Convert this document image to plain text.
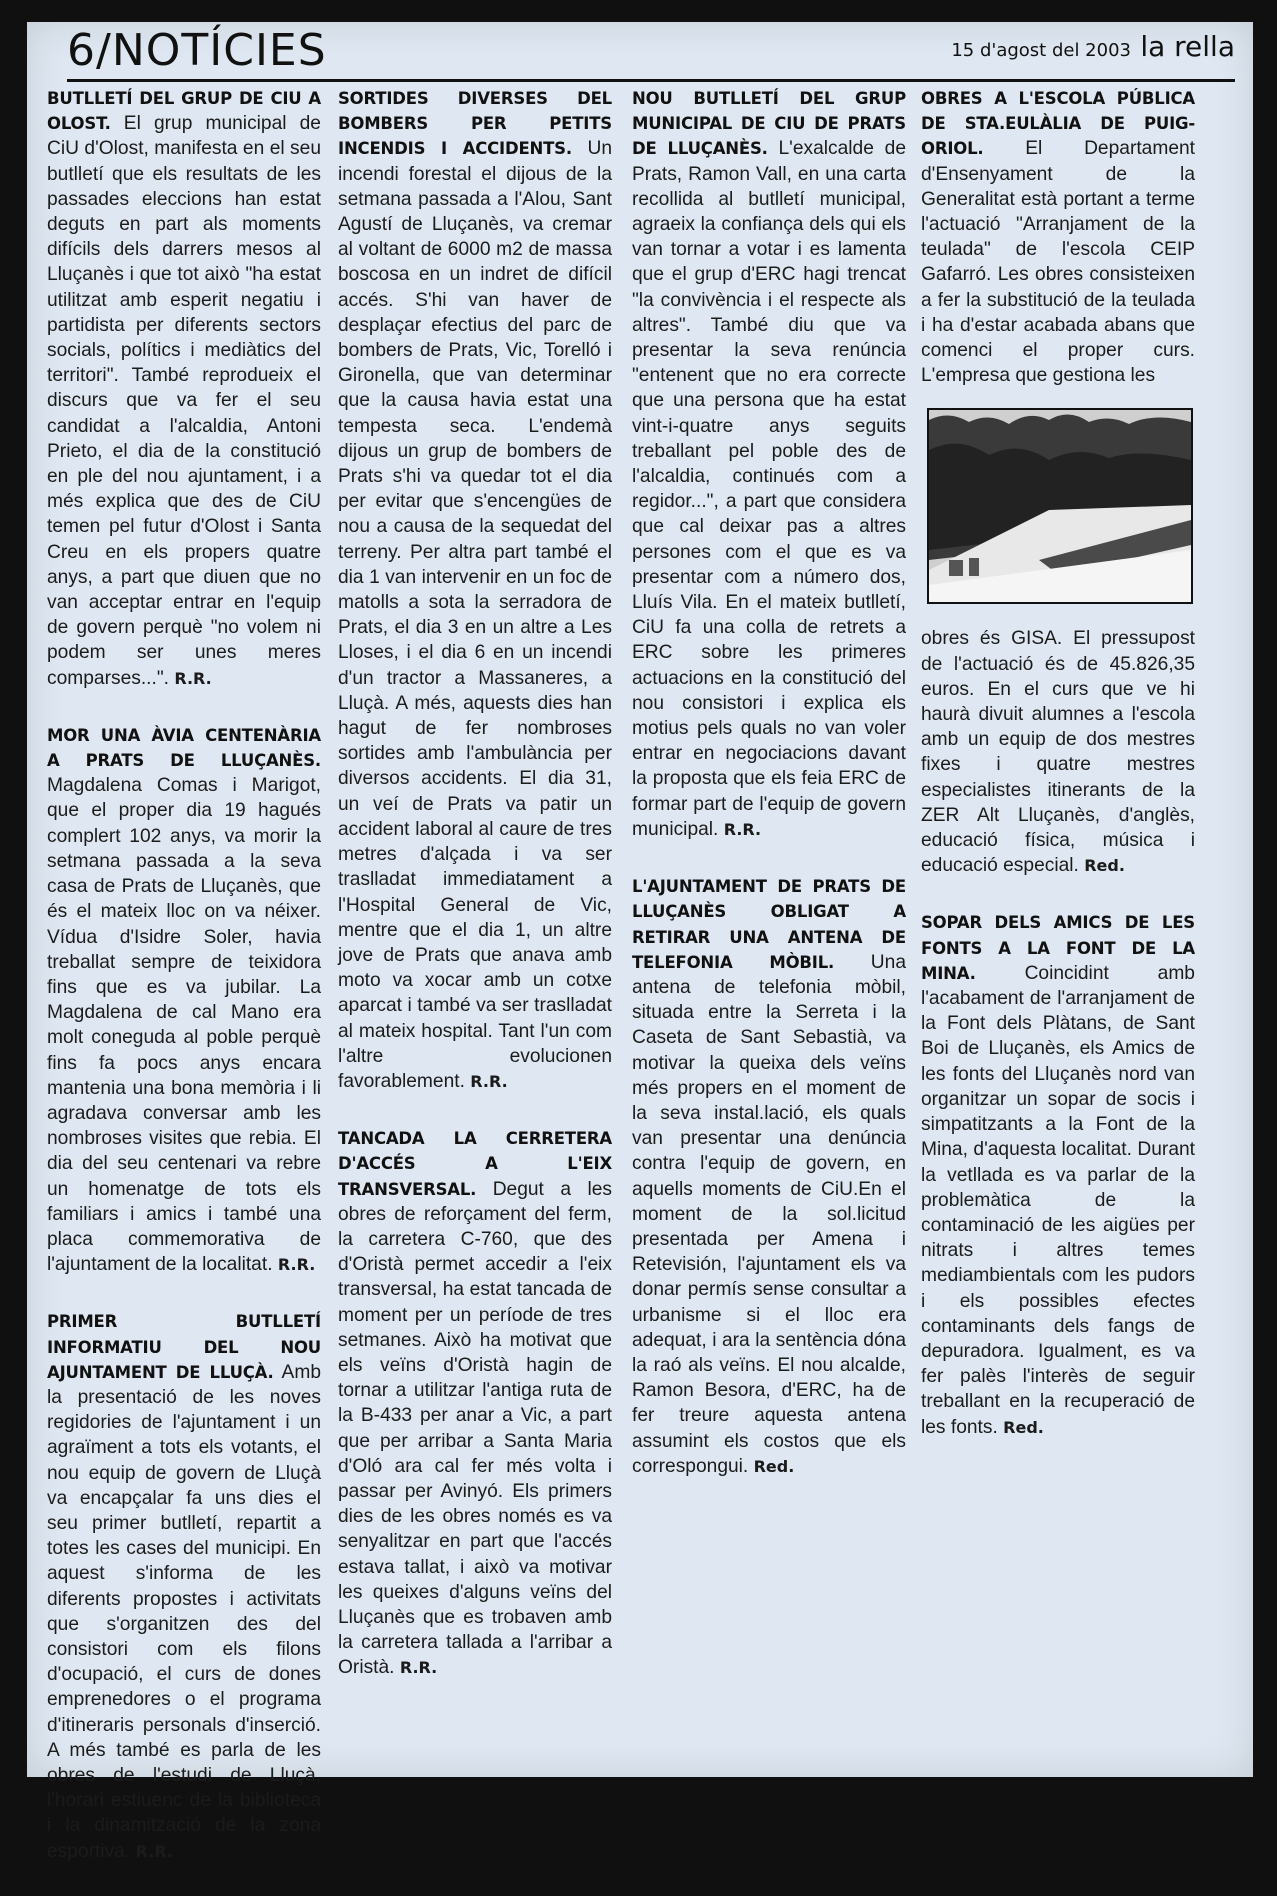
6/NOTÍCIES	15 d'agost del 2003 la rella

BUTLLETÍ DEL GRUP DE CIU A OLOST. El grup municipal de CiU d'Olost, manifesta en el seu butlletí que els resultats de les passades eleccions han estat deguts en part als moments difícils dels darrers mesos al Lluçanès i que tot això "ha estat utilitzat amb esperit negatiu i partidista per diferents sectors socials, polítics i mediàtics del territori". També reprodueix el discurs que va fer el seu candidat a l'alcaldia, Antoni Prieto, el dia de la constitució en ple del nou ajuntament, i a més explica que des de CiU temen pel futur d'Olost i Santa Creu en els propers quatre anys, a part que diuen que no van acceptar entrar en l'equip de govern perquè "no volem ni podem ser unes meres comparses...". R.R.

MOR UNA ÀVIA CENTENÀRIA A PRATS DE LLUÇANÈS. Magdalena Comas i Marigot, que el proper dia 19 hagués complert 102 anys, va morir la setmana passada a la seva casa de Prats de Lluçanès, que és el mateix lloc on va néixer. Vídua d'Isidre Soler, havia treballat sempre de teixidora fins que es va jubilar. La Magdalena de cal Mano era molt coneguda al poble perquè fins fa pocs anys encara mantenia una bona memòria i li agradava conversar amb les nombroses visites que rebia. El dia del seu centenari va rebre un homenatge de tots els familiars i amics i també una placa commemorativa de l'ajuntament de la localitat. R.R.

PRIMER BUTLLETÍ INFORMATIU DEL NOU AJUNTAMENT DE LLUÇÀ. Amb la presentació de les noves regidories de l'ajuntament i un agraïment a tots els votants, el nou equip de govern de Lluçà va encapçalar fa uns dies el seu primer butlletí, repartit a totes les cases del municipi. En aquest s'informa de les diferents propostes i activitats que s'organitzen des del consistori com els filons d'ocupació, el curs de dones emprenedores o el programa d'itineraris personals d'inserció. A més també es parla de les obres de l'estudi de Lluçà, l'horari estiuenc de la biblioteca i la dinamització de la zona esportiva. R.R.

SORTIDES DIVERSES DEL BOMBERS PER PETITS INCENDIS I ACCIDENTS. Un incendi forestal el dijous de la setmana passada a l'Alou, Sant Agustí de Lluçanès, va cremar al voltant de 6000 m2 de massa boscosa en un indret de difícil accés. S'hi van haver de desplaçar efectius del parc de bombers de Prats, Vic, Torelló i Gironella, que van determinar que la causa havia estat una tempesta seca. L'endemà dijous un grup de bombers de Prats s'hi va quedar tot el dia per evitar que s'encengües de nou a causa de la sequedat del terreny. Per altra part també el dia 1 van intervenir en un foc de matolls a sota la serradora de Prats, el dia 3 en un altre a Les Lloses, i el dia 6 en un incendi d'un tractor a Massaneres, a Lluçà. A més, aquests dies han hagut de fer nombroses sortides amb l'ambulància per diversos accidents. El dia 31, un veí de Prats va patir un accident laboral al caure de tres metres d'alçada i va ser traslladat immediatament a l'Hospital General de Vic, mentre que el dia 1, un altre jove de Prats que anava amb moto va xocar amb un cotxe aparcat i també va ser traslladat al mateix hospital. Tant l'un com l'altre evolucionen favorablement. R.R.

TANCADA LA CERRETERA D'ACCÉS A L'EIX TRANSVERSAL. Degut a les obres de reforçament del ferm, la carretera C-760, que des d'Oristà permet accedir a l'eix transversal, ha estat tancada de moment per un període de tres setmanes. Això ha motivat que els veïns d'Oristà hagin de tornar a utilitzar l'antiga ruta de la B-433 per anar a Vic, a part que per arribar a Santa Maria d'Oló ara cal fer més volta i passar per Avinyó. Els primers dies de les obres només es va senyalitzar en part que l'accés estava tallat, i això va motivar les queixes d'alguns veïns del Lluçanès que es trobaven amb la carretera tallada a l'arribar a Oristà. R.R.

NOU BUTLLETÍ DEL GRUP MUNICIPAL DE CIU DE PRATS DE LLUÇANÈS. L'exalcalde de Prats, Ramon Vall, en una carta recollida al butlletí municipal, agraeix la confiança dels qui els van tornar a votar i es lamenta que el grup d'ERC hagi trencat "la convivència i el respecte als altres". També diu que va presentar la seva renúncia "entenent que no era correcte que una persona que ha estat vint-i-quatre anys seguits treballant pel poble des de l'alcaldia, continués com a regidor...", a part que considera que cal deixar pas a altres persones com el que es va presentar com a número dos, Lluís Vila. En el mateix butlletí, CiU fa una colla de retrets a ERC sobre les primeres actuacions en la constitució del nou consistori i explica els motius pels quals no van voler entrar en negociacions davant la proposta que els feia ERC de formar part de l'equip de govern municipal. R.R.

L'AJUNTAMENT DE PRATS DE LLUÇANÈS OBLIGAT A RETIRAR UNA ANTENA DE TELEFONIA MÒBIL. Una antena de telefonia mòbil, situada entre la Serreta i la Caseta de Sant Sebastià, va motivar la queixa dels veïns més propers en el moment de la seva instal.lació, els quals van presentar una denúncia contra l'equip de govern, en aquells moments de CiU.En el moment de la sol.licitud presentada per Amena i Retevisión, l'ajuntament els va donar permís sense consultar a urbanisme si el lloc era adequat, i ara la sentència dóna la raó als veïns. El nou alcalde, Ramon Besora, d'ERC, ha de fer treure aquesta antena assumint els costos que els correspongui. Red.

OBRES A L'ESCOLA PÚBLICA DE STA.EULÀLIA DE PUIG-ORIOL. El Departament d'Ensenyament de la Generalitat està portant a terme l'actuació "Arranjament de la teulada" de l'escola CEIP Gafarró. Les obres consisteixen a fer la substitució de la teulada i ha d'estar acabada abans que comenci el proper curs. L'empresa que gestiona les

obres és GISA. El pressupost de l'actuació és de 45.826,35 euros. En el curs que ve hi haurà divuit alumnes a l'escola amb un equip de dos mestres fixes i quatre mestres especialistes itinerants de la ZER Alt Lluçanès, d'anglès, educació física, música i educació especial. Red.

SOPAR DELS AMICS DE LES FONTS A LA FONT DE LA MINA.	Coincidint amb l'acabament de l'arranjament de la Font dels Plàtans, de Sant Boi de Lluçanès, els Amics de les fonts del Lluçanès nord van organitzar un sopar de socis i simpatitzants a la Font de la Mina, d'aquesta localitat. Durant la vetllada es va parlar de la problemàtica de la contaminació de les aigües per nitrats i altres temes mediambientals com les pudors i els possibles efectes contaminants dels fangs de depuradora. Igualment, es va fer palès l'interès de seguir treballant en la recuperació de les fonts. Red.
